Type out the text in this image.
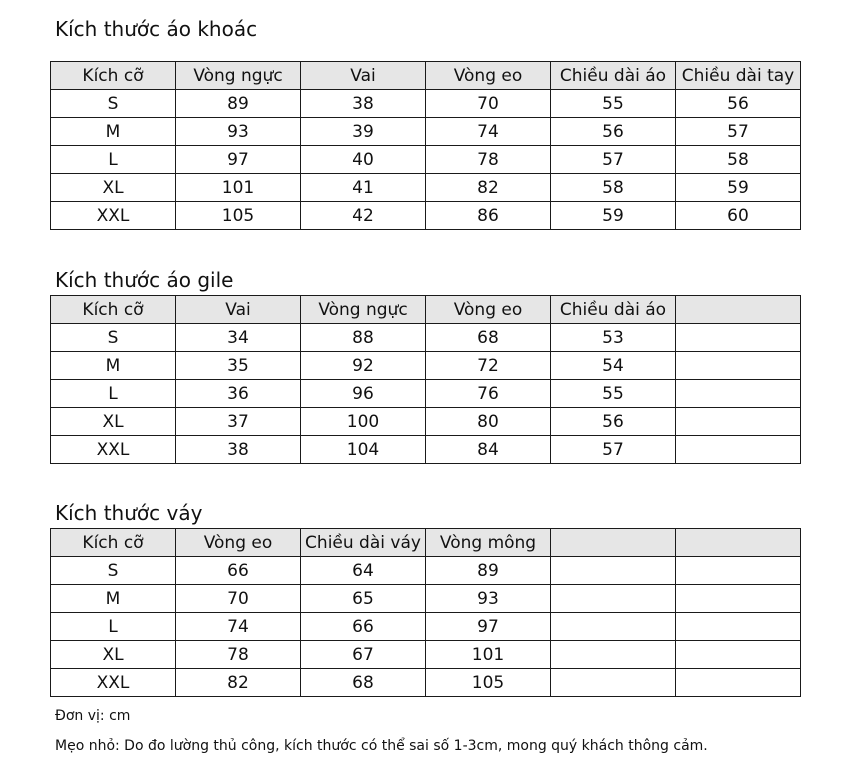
Kích thước áo khoác
Kích cỡ	Vòng ngực	Vai	Vòng eo	Chiều dài áo	Chiều dài tay
S	89	38	70	55	56
M	93	39	74	56	57
L	97	40	78	57	58
XL	101	41	82	58	59
XXL	105	42	86	59	60
Kích thước áo gile
Kích cỡ	Vai	Vòng ngực	Vòng eo	Chiều dài áo	
S	34	88	68	53	
M	35	92	72	54	
L	36	96	76	55	
XL	37	100	80	56	
XXL	38	104	84	57	
Kích thước váy
Kích cỡ	Vòng eo	Chiều dài váy	Vòng mông		
S	66	64	89		
M	70	65	93		
L	74	66	97		
XL	78	67	101		
XXL	82	68	105		
Đơn vị: cm
Mẹo nhỏ: Do đo lường thủ công, kích thước có thể sai số 1-3cm, mong quý khách thông cảm.
